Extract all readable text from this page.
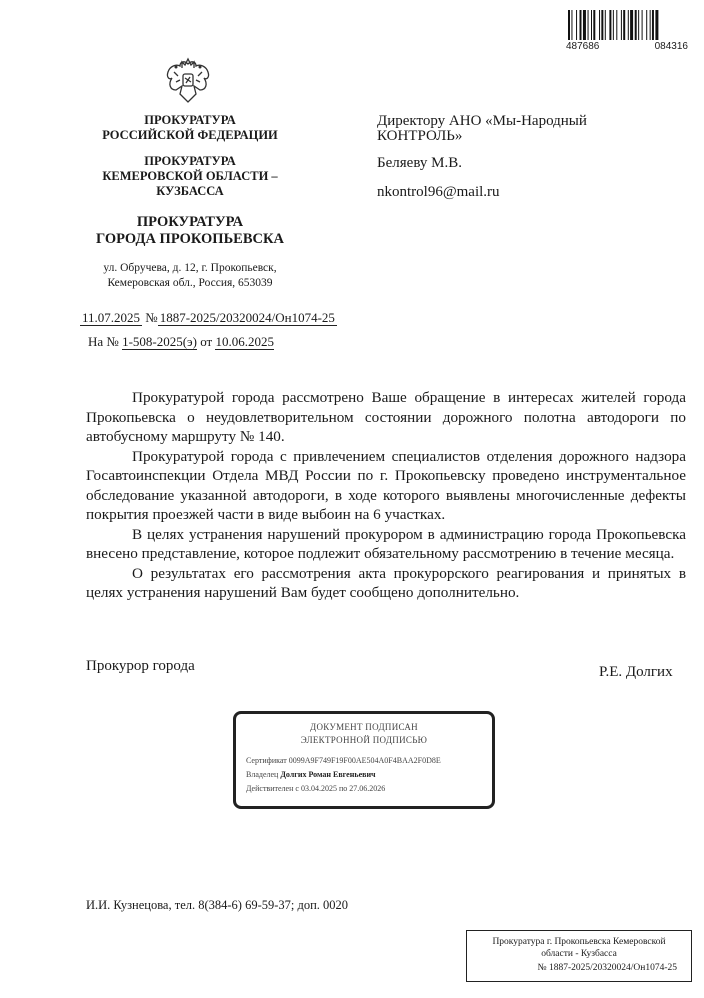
487686	084316
ПРОКУРАТУРА
РОССИЙСКОЙ ФЕДЕРАЦИИ
ПРОКУРАТУРА
КЕМЕРОВСКОЙ ОБЛАСТИ –
КУЗБАССА
ПРОКУРАТУРА
ГОРОДА ПРОКОПЬЕВСКА
ул. Обручева, д. 12, г. Прокопьевск,
Кемеровская обл., Россия, 653039
11.07.2025 № 1887-2025/20320024/Он1074-25
На № 1-508-2025(э) от 10.06.2025
Директору АНО «Мы-Народный КОНТРОЛЬ»
Беляеву М.В.
nkontrol96@mail.ru

Прокуратурой города рассмотрено Ваше обращение в интересах жителей города Прокопьевска о неудовлетворительном состоянии дорожного полотна автодороги по автобусному маршруту № 140.

Прокуратурой города с привлечением специалистов отделения дорожного надзора Госавтоинспекции Отдела МВД России по г. Прокопьевску проведено инструментальное обследование указанной автодороги, в ходе которого выявлены многочисленные дефекты покрытия проезжей части в виде выбоин на 6 участках.

В целях устранения нарушений прокурором в администрацию города Прокопьевска внесено представление, которое подлежит обязательному рассмотрению в течение месяца.

О результатах его рассмотрения акта прокурорского реагирования и принятых в целях устранения нарушений Вам будет сообщено дополнительно.

Прокурор города	Р.Е. Долгих
ДОКУМЕНТ ПОДПИСАН
ЭЛЕКТРОННОЙ ПОДПИСЬЮ
Сертификат 0099A9F749F19F00AE504A0F4BAA2F0D8E
Владелец Долгих Роман Евгеньевич
Действителен с 03.04.2025 по 27.06.2026
И.И. Кузнецова, тел. 8(384-6) 69-59-37; доп. 0020
Прокуратура г. Прокопьевска Кемеровской
области - Кузбасса
№ 1887-2025/20320024/Он1074-25
